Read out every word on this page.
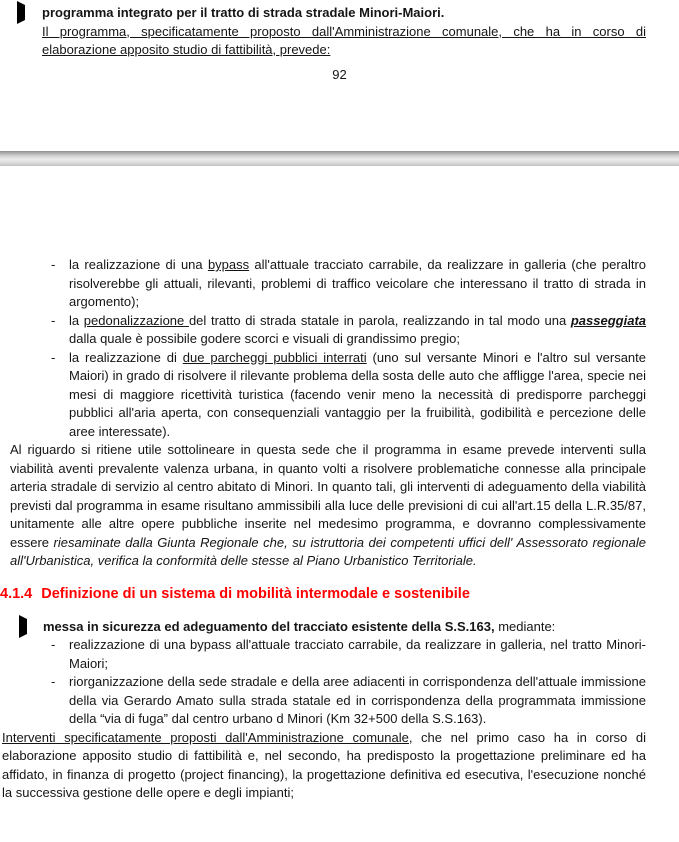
programma integrato per il tratto di strada stradale Minori-Maiori.
Il programma, specificatamente proposto dall'Amministrazione comunale, che ha in corso di elaborazione apposito studio di fattibilità, prevede:
92
-	la realizzazione di una bypass all'attuale tracciato carrabile, da realizzare in galleria (che peraltro risolverebbe gli attuali, rilevanti, problemi di traffico veicolare che interessano il tratto di strada in argomento);
-	la pedonalizzazione del tratto di strada statale in parola, realizzando in tal modo una passeggiata dalla quale è possibile godere scorci e visuali di grandissimo pregio;
-	la realizzazione di due parcheggi pubblici interrati (uno sul versante Minori e l'altro sul versante Maiori) in grado di risolvere il rilevante problema della sosta delle auto che affligge l'area, specie nei mesi di maggiore ricettività turistica (facendo venir meno la necessità di predisporre parcheggi pubblici all'aria aperta, con consequenziali vantaggio per la fruibilità, godibilità e percezione delle aree interessate).
Al riguardo si ritiene utile sottolineare in questa sede che il programma in esame prevede interventi sulla viabilità aventi prevalente valenza urbana, in quanto volti a risolvere problematiche connesse alla principale arteria stradale di servizio al centro abitato di Minori. In quanto tali, gli interventi di adeguamento della viabilità previsti dal programma in esame risultano ammissibili alla luce delle previsioni di cui all'art.15 della L.R.35/87, unitamente alle altre opere pubbliche inserite nel medesimo programma, e dovranno complessivamente essere riesaminate dalla Giunta Regionale che, su istruttoria dei competenti uffici dell' Assessorato regionale all'Urbanistica, verifica la conformità delle stesse al Piano Urbanistico Territoriale.
4.1.4 Definizione di un sistema di mobilità intermodale e sostenibile
messa in sicurezza ed adeguamento del tracciato esistente della S.S.163, mediante:
-	realizzazione di una bypass all'attuale tracciato carrabile, da realizzare in galleria, nel tratto Minori-Maiori;
-	riorganizzazione della sede stradale e della aree adiacenti in corrispondenza dell'attuale immissione della via Gerardo Amato sulla strada statale ed in corrispondenza della programmata immissione della “via di fuga” dal centro urbano d Minori (Km 32+500 della S.S.163).
Interventi specificatamente proposti dall'Amministrazione comunale, che nel primo caso ha in corso di elaborazione apposito studio di fattibilità e, nel secondo, ha predisposto la progettazione preliminare ed ha affidato, in finanza di progetto (project financing), la progettazione definitiva ed esecutiva, l'esecuzione nonché la successiva gestione delle opere e degli impianti;
